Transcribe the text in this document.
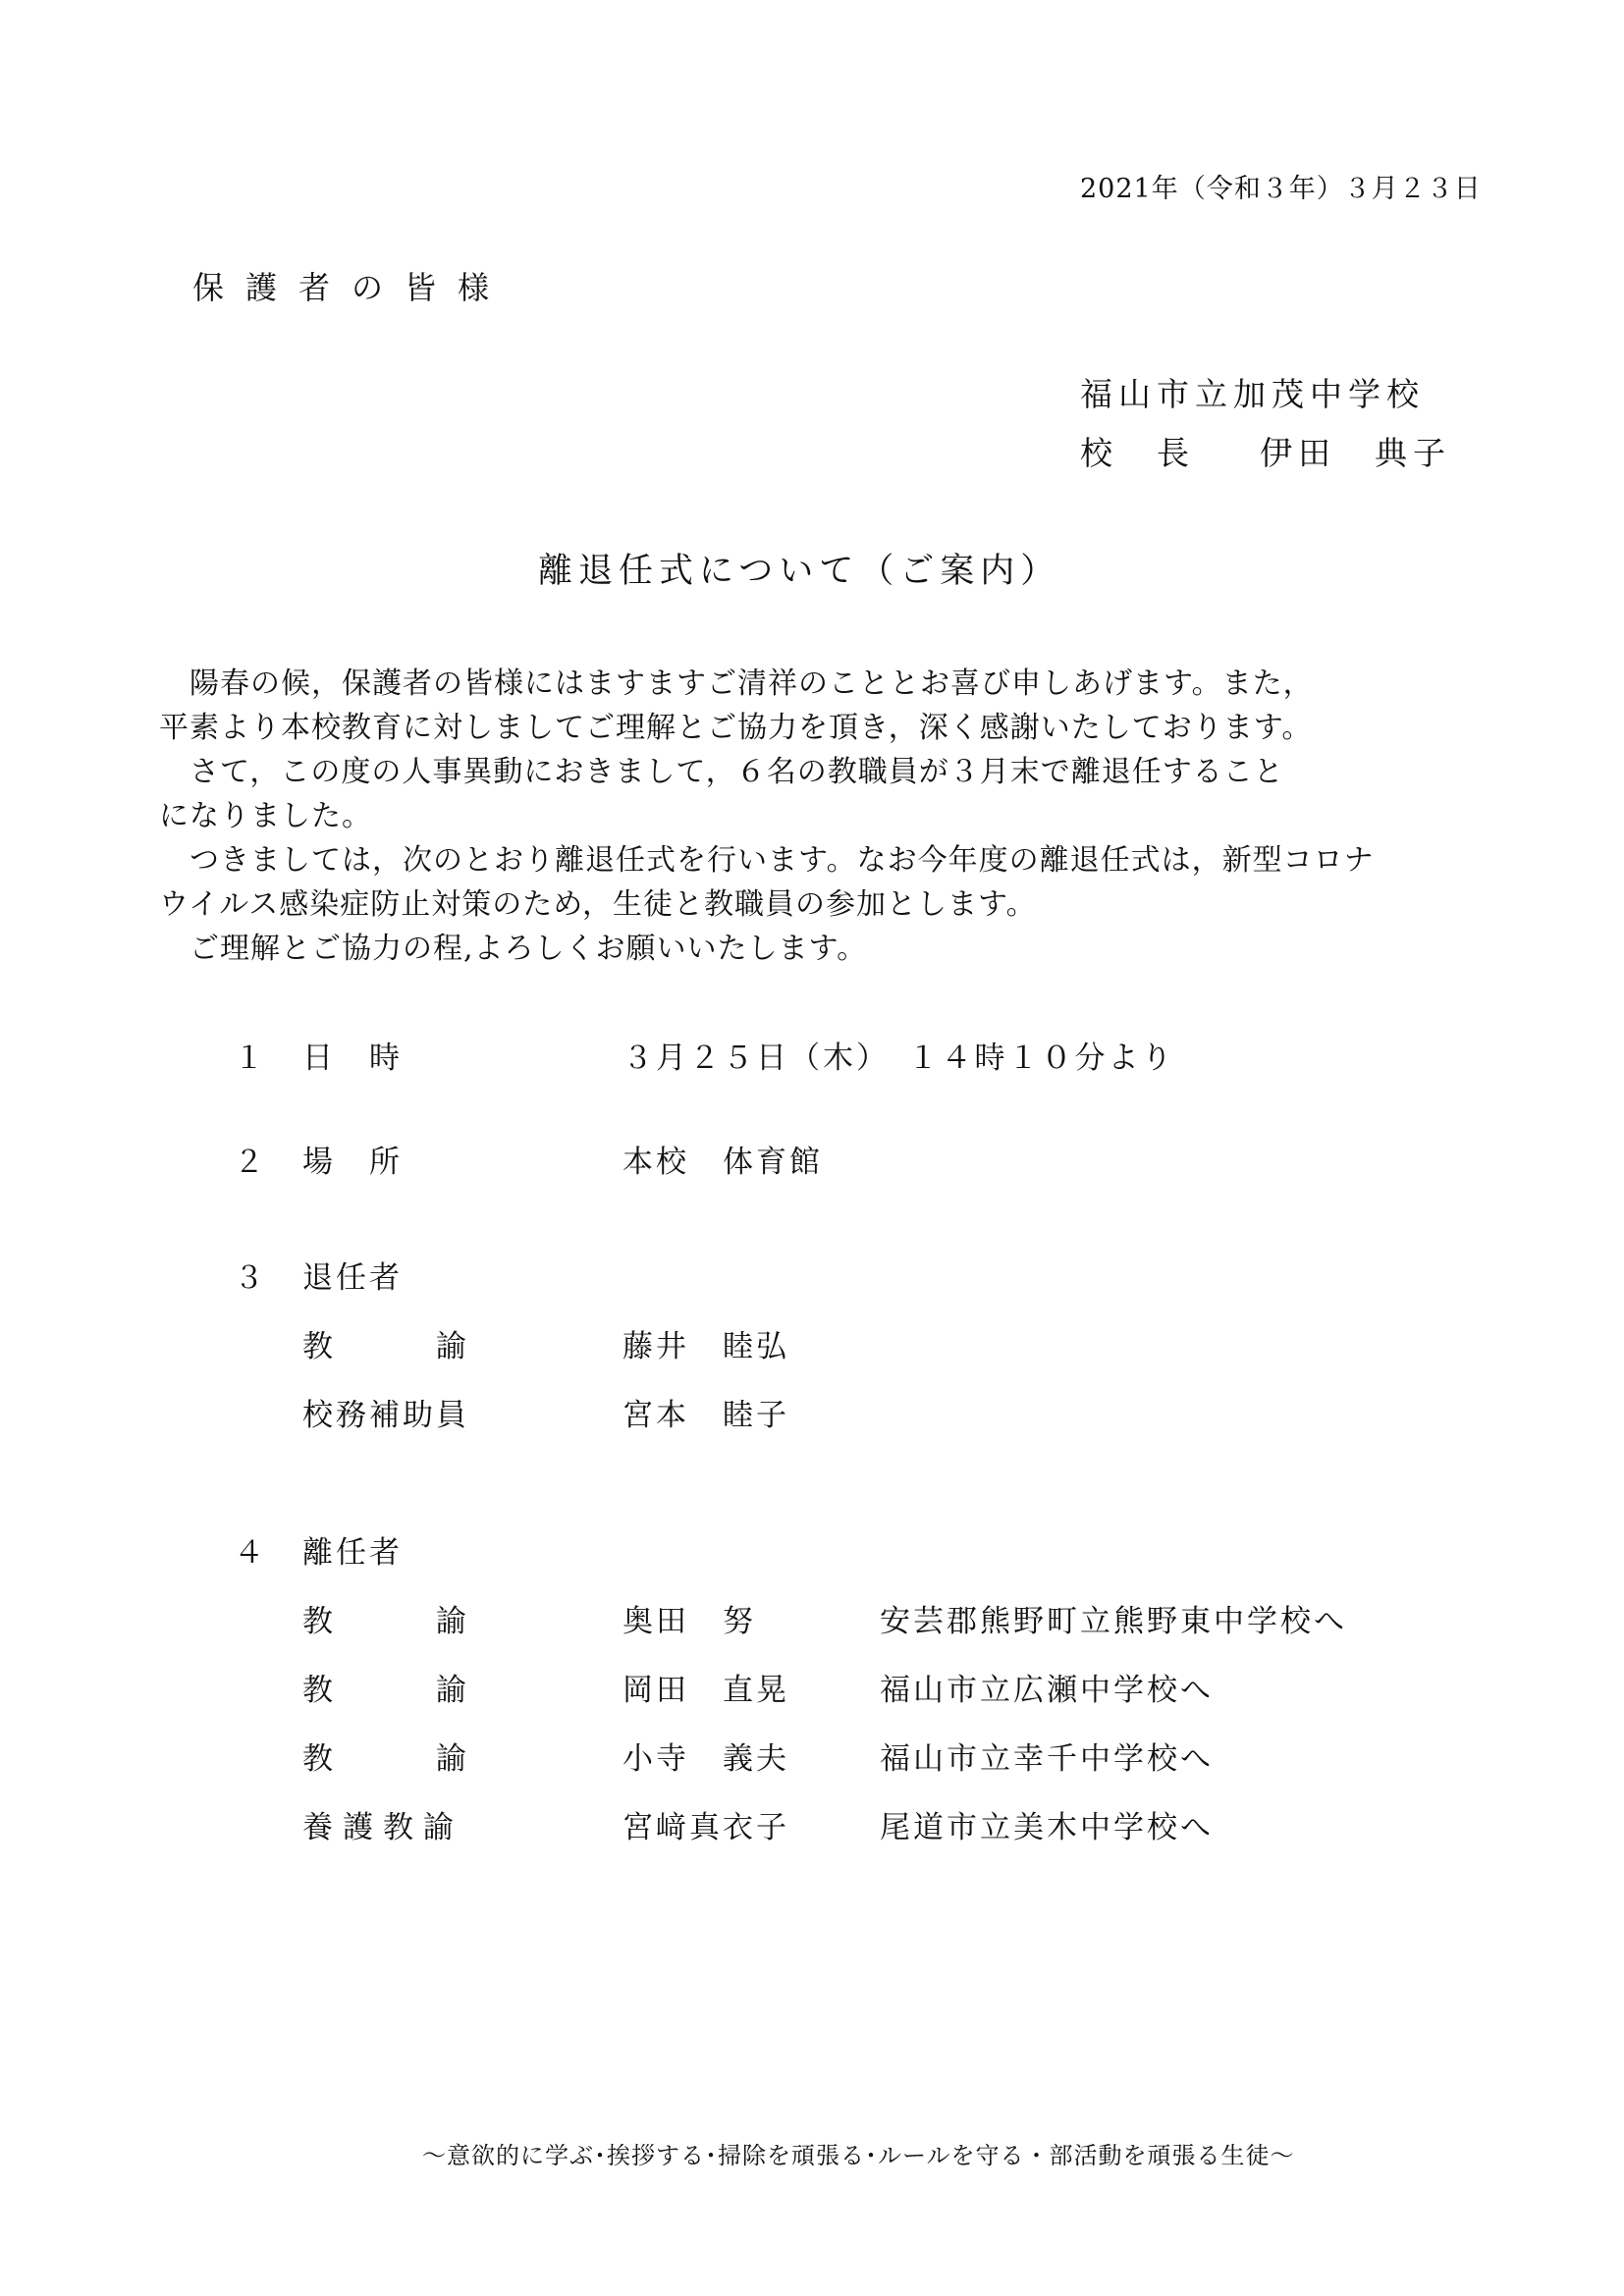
2021年（令和３年）３月２３日
保護者の皆様
福山市立加茂中学校
校　長 伊田　典子
離退任式について（ご案内）

　陽春の候，保護者の皆様にはますますご清祥のこととお喜び申しあげます。また，

平素より本校教育に対しましてご理解とご協力を頂き，深く感謝いたしております。

　さて，この度の人事異動におきまして，６名の教職員が３月末で離退任すること

になりました。

　つきましては，次のとおり離退任式を行います。なお今年度の離退任式は，新型コロナ

ウイルス感染症防止対策のため，生徒と教職員の参加とします。

　ご理解とご協力の程,よろしくお願いいたします。

１ 日　時	３月２５日（木）　１４時１０分より
２ 場　所	本校　体育館
３ 退任者
教　　　諭	藤井　睦弘
校務補助員	宮本　睦子
４ 離任者
教　　　諭	奥田　努	安芸郡熊野町立熊野東中学校へ
教　　　諭	岡田　直晃	福山市立広瀬中学校へ
教　　　諭	小寺　義夫	福山市立幸千中学校へ
養護教諭	宮﨑真衣子	尾道市立美木中学校へ
～意欲的に学ぶ･挨拶する･掃除を頑張る･ルールを守る・部活動を頑張る生徒～
